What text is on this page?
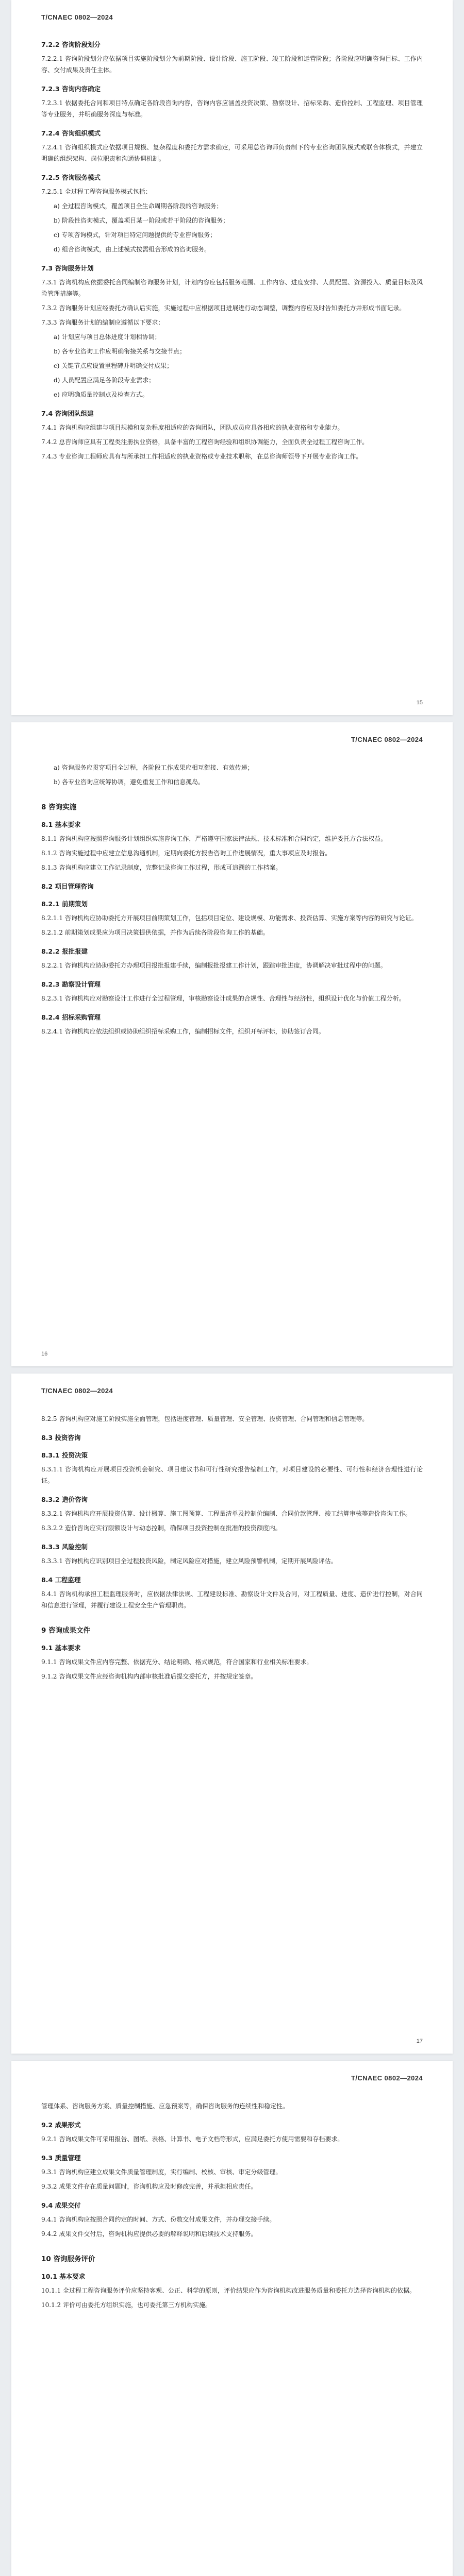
T/CNAEC 0802—2024
7.2.2 咨询阶段划分
7.2.2.1 咨询阶段划分应依据项目实施阶段划分为前期阶段、设计阶段、施工阶段、竣工阶段和运营阶段；各阶段应明确咨询目标、工作内容、交付成果及责任主体。
7.2.3 咨询内容确定
7.2.3.1 依据委托合同和项目特点确定各阶段咨询内容，咨询内容应涵盖投资决策、勘察设计、招标采购、造价控制、工程监理、项目管理等专业服务，并明确服务深度与标准。
7.2.4 咨询组织模式
7.2.4.1 咨询组织模式应依据项目规模、复杂程度和委托方需求确定，可采用总咨询师负责制下的专业咨询团队模式或联合体模式，并建立明确的组织架构、岗位职责和沟通协调机制。
7.2.5 咨询服务模式
7.2.5.1 全过程工程咨询服务模式包括：
a) 全过程咨询模式，覆盖项目全生命周期各阶段的咨询服务；
b) 阶段性咨询模式，覆盖项目某一阶段或若干阶段的咨询服务；
c) 专项咨询模式，针对项目特定问题提供的专业咨询服务；
d) 组合咨询模式，由上述模式按需组合形成的咨询服务。
7.3 咨询服务计划
7.3.1 咨询机构应依据委托合同编制咨询服务计划，计划内容应包括服务范围、工作内容、进度安排、人员配置、资源投入、质量目标及风险管理措施等。
7.3.2 咨询服务计划应经委托方确认后实施，实施过程中应根据项目进展进行动态调整，调整内容应及时告知委托方并形成书面记录。
7.3.3 咨询服务计划的编制应遵循以下要求：
a) 计划应与项目总体进度计划相协调；
b) 各专业咨询工作应明确衔接关系与交接节点；
c) 关键节点应设置里程碑并明确交付成果；
d) 人员配置应满足各阶段专业需求；
e) 应明确质量控制点及检查方式。
7.4 咨询团队组建
7.4.1 咨询机构应组建与项目规模和复杂程度相适应的咨询团队，团队成员应具备相应的执业资格和专业能力。
7.4.2 总咨询师应具有工程类注册执业资格，具备丰富的工程咨询经验和组织协调能力，全面负责全过程工程咨询工作。
7.4.3 专业咨询工程师应具有与所承担工作相适应的执业资格或专业技术职称，在总咨询师领导下开展专业咨询工作。
15
T/CNAEC 0802—2024
a) 咨询服务应贯穿项目全过程，各阶段工作成果应相互衔接、有效传递；
b) 各专业咨询应统筹协调，避免重复工作和信息孤岛。
8 咨询实施
8.1 基本要求
8.1.1 咨询机构应按照咨询服务计划组织实施咨询工作，严格遵守国家法律法规、技术标准和合同约定，维护委托方合法权益。
8.1.2 咨询实施过程中应建立信息沟通机制，定期向委托方报告咨询工作进展情况，重大事项应及时报告。
8.1.3 咨询机构应建立工作记录制度，完整记录咨询工作过程，形成可追溯的工作档案。
8.2 项目管理咨询
8.2.1 前期策划
8.2.1.1 咨询机构应协助委托方开展项目前期策划工作，包括项目定位、建设规模、功能需求、投资估算、实施方案等内容的研究与论证。
8.2.1.2 前期策划成果应为项目决策提供依据，并作为后续各阶段咨询工作的基础。
8.2.2 报批报建
8.2.2.1 咨询机构应协助委托方办理项目报批报建手续，编制报批报建工作计划，跟踪审批进度，协调解决审批过程中的问题。
8.2.3 勘察设计管理
8.2.3.1 咨询机构应对勘察设计工作进行全过程管理，审核勘察设计成果的合规性、合理性与经济性，组织设计优化与价值工程分析。
8.2.4 招标采购管理
8.2.4.1 咨询机构应依法组织或协助组织招标采购工作，编制招标文件，组织开标评标，协助签订合同。
16
T/CNAEC 0802—2024
8.2.5 咨询机构应对施工阶段实施全面管理，包括进度管理、质量管理、安全管理、投资管理、合同管理和信息管理等。
8.3 投资咨询
8.3.1 投资决策
8.3.1.1 咨询机构应开展项目投资机会研究、项目建议书和可行性研究报告编制工作，对项目建设的必要性、可行性和经济合理性进行论证。
8.3.2 造价咨询
8.3.2.1 咨询机构应开展投资估算、设计概算、施工图预算、工程量清单及控制价编制、合同价款管理、竣工结算审核等造价咨询工作。
8.3.2.2 造价咨询应实行限额设计与动态控制，确保项目投资控制在批准的投资额度内。
8.3.3 风险控制
8.3.3.1 咨询机构应识别项目全过程投资风险，制定风险应对措施，建立风险预警机制，定期开展风险评估。
8.4 工程监理
8.4.1 咨询机构承担工程监理服务时，应依据法律法规、工程建设标准、勘察设计文件及合同，对工程质量、进度、造价进行控制，对合同和信息进行管理，并履行建设工程安全生产管理职责。
9 咨询成果文件
9.1 基本要求
9.1.1 咨询成果文件应内容完整、依据充分、结论明确、格式规范，符合国家和行业相关标准要求。
9.1.2 咨询成果文件应经咨询机构内部审核批准后提交委托方，并按规定签章。
17
T/CNAEC 0802—2024
管理体系、咨询服务方案、质量控制措施、应急预案等，确保咨询服务的连续性和稳定性。
9.2 成果形式
9.2.1 咨询成果文件可采用报告、图纸、表格、计算书、电子文档等形式，应满足委托方使用需要和存档要求。
9.3 质量管理
9.3.1 咨询机构应建立成果文件质量管理制度，实行编制、校核、审核、审定分级管理。
9.3.2 成果文件存在质量问题时，咨询机构应及时修改完善，并承担相应责任。
9.4 成果交付
9.4.1 咨询机构应按照合同约定的时间、方式、份数交付成果文件，并办理交接手续。
9.4.2 成果文件交付后，咨询机构应提供必要的解释说明和后续技术支持服务。
10 咨询服务评价
10.1 基本要求
10.1.1 全过程工程咨询服务评价应坚持客观、公正、科学的原则，评价结果应作为咨询机构改进服务质量和委托方选择咨询机构的依据。
10.1.2 评价可由委托方组织实施，也可委托第三方机构实施。
